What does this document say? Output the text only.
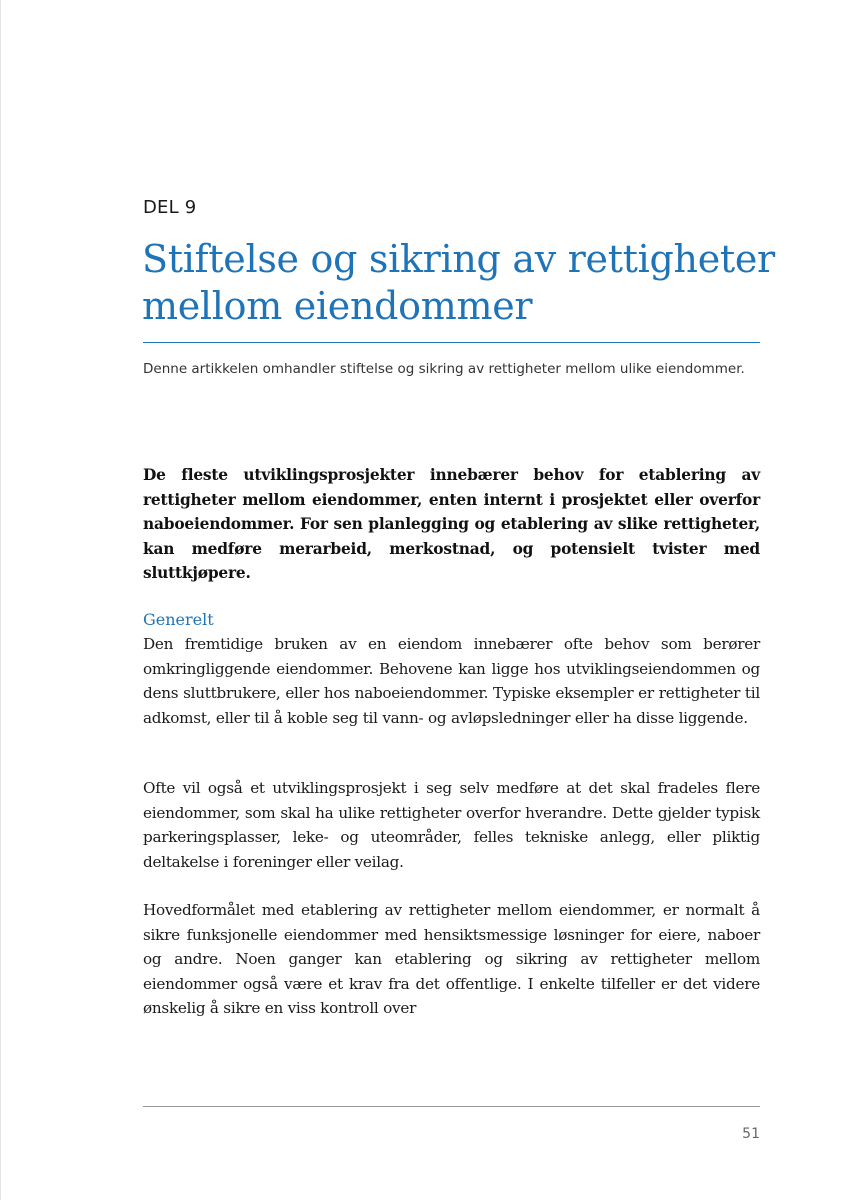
DEL 9
Stiftelse og sikring av rettigheter mellom eiendommer

Denne artikkelen omhandler stiftelse og sikring av rettigheter mellom ulike eiendommer.

De fleste utviklingsprosjekter innebærer behov for etablering av rettigheter mellom eiendommer, enten internt i prosjektet eller overfor naboeiendommer. For sen planlegging og etablering av slike rettigheter, kan medføre merarbeid, merkostnad, og potensielt tvister med sluttkjøpere.

Generelt

Den fremtidige bruken av en eiendom innebærer ofte behov som berører omkringliggende eiendommer. Behovene kan ligge hos utviklingseiendommen og dens sluttbrukere, eller hos naboeiendommer. Typiske eksempler er rettigheter til adkomst, eller til å koble seg til vann- og avløpsledninger eller ha disse liggende.

Ofte vil også et utviklingsprosjekt i seg selv medføre at det skal fradeles flere eiendommer, som skal ha ulike rettigheter overfor hverandre. Dette gjelder typisk parkeringsplasser, leke- og uteområder, felles tekniske anlegg, eller pliktig deltakelse i foreninger eller veilag.

Hovedformålet med etablering av rettigheter mellom eiendommer, er normalt å sikre funksjonelle eiendommer med hensiktsmessige løsninger for eiere, naboer og andre. Noen ganger kan etablering og sikring av rettigheter mellom eiendommer også være et krav fra det offentlige. I enkelte tilfeller er det videre ønskelig å sikre en viss kontroll over

51
